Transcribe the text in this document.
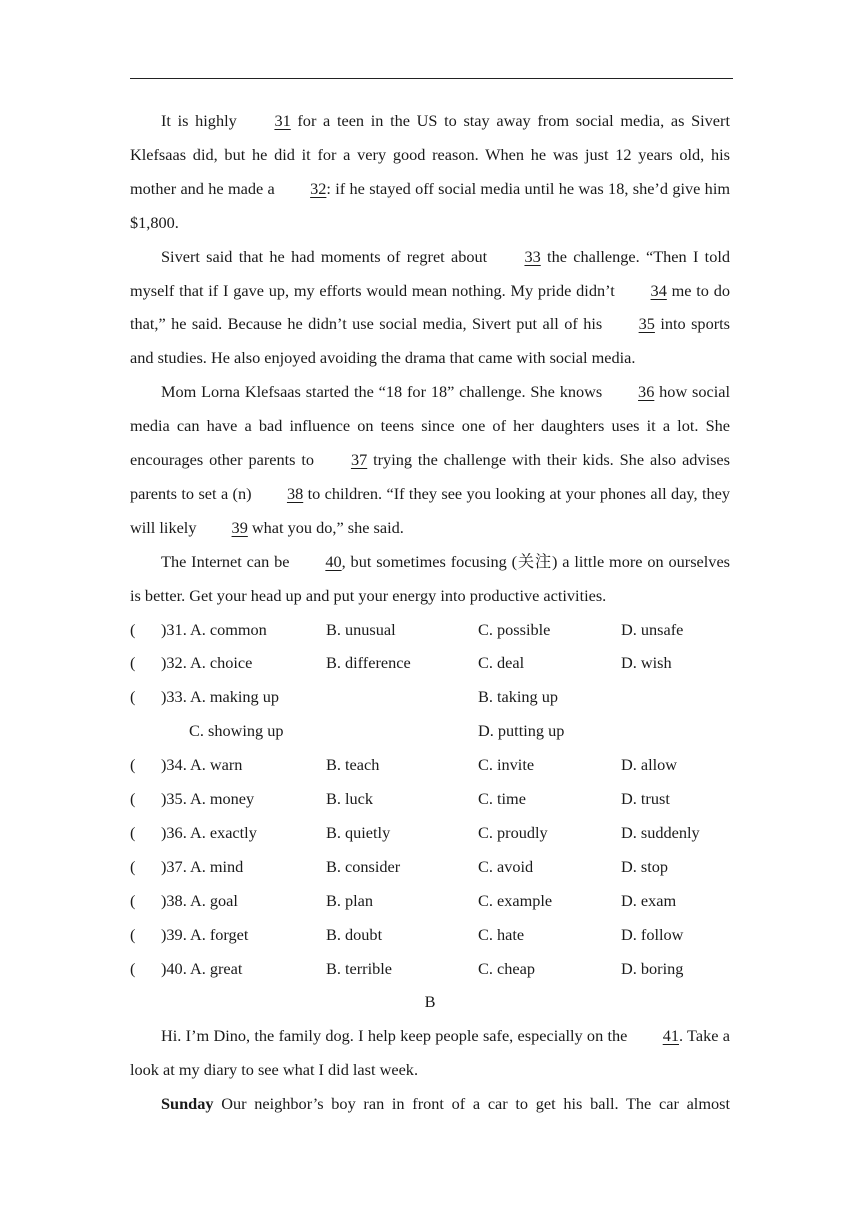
It is highly 31 for a teen in the US to stay away from social media, as Sivert Klefsaas did, but he did it for a very good reason. When he was just 12 years old, his mother and he made a 32: if he stayed off social media until he was 18, she’d give him $1,800.

Sivert said that he had moments of regret about 33 the challenge. “Then I told myself that if I gave up, my efforts would mean nothing. My pride didn’t 34 me to do that,” he said. Because he didn’t use social media, Sivert put all of his 35 into sports and studies. He also enjoyed avoiding the drama that came with social media.

Mom Lorna Klefsaas started the “18 for 18” challenge. She knows 36 how social media can have a bad influence on teens since one of her daughters uses it a lot. She encourages other parents to 37 trying the challenge with their kids. She also advises parents to set a (n) 38 to children. “If they see you looking at your phones all day, they will likely 39 what you do,” she said.

The Internet can be 40, but sometimes focusing (关注) a little more on ourselves is better. Get your head up and put your energy into productive activities.

( )31. A. common	B. unusual	C. possible	D. unsafe
( )32. A. choice	B. difference	C. deal	D. wish
( )33. A. making up	B. taking up
C. showing up	D. putting up
( )34. A. warn	B. teach	C. invite	D. allow
( )35. A. money	B. luck	C. time	D. trust
( )36. A. exactly	B. quietly	C. proudly	D. suddenly
( )37. A. mind	B. consider	C. avoid	D. stop
( )38. A. goal	B. plan	C. example	D. exam
( )39. A. forget	B. doubt	C. hate	D. follow
( )40. A. great	B. terrible	C. cheap	D. boring
B

Hi. I’m Dino, the family dog. I help keep people safe, especially on the 41. Take a look at my diary to see what I did last week.

Sunday Our neighbor’s boy ran in front of a car to get his ball. The car almost
